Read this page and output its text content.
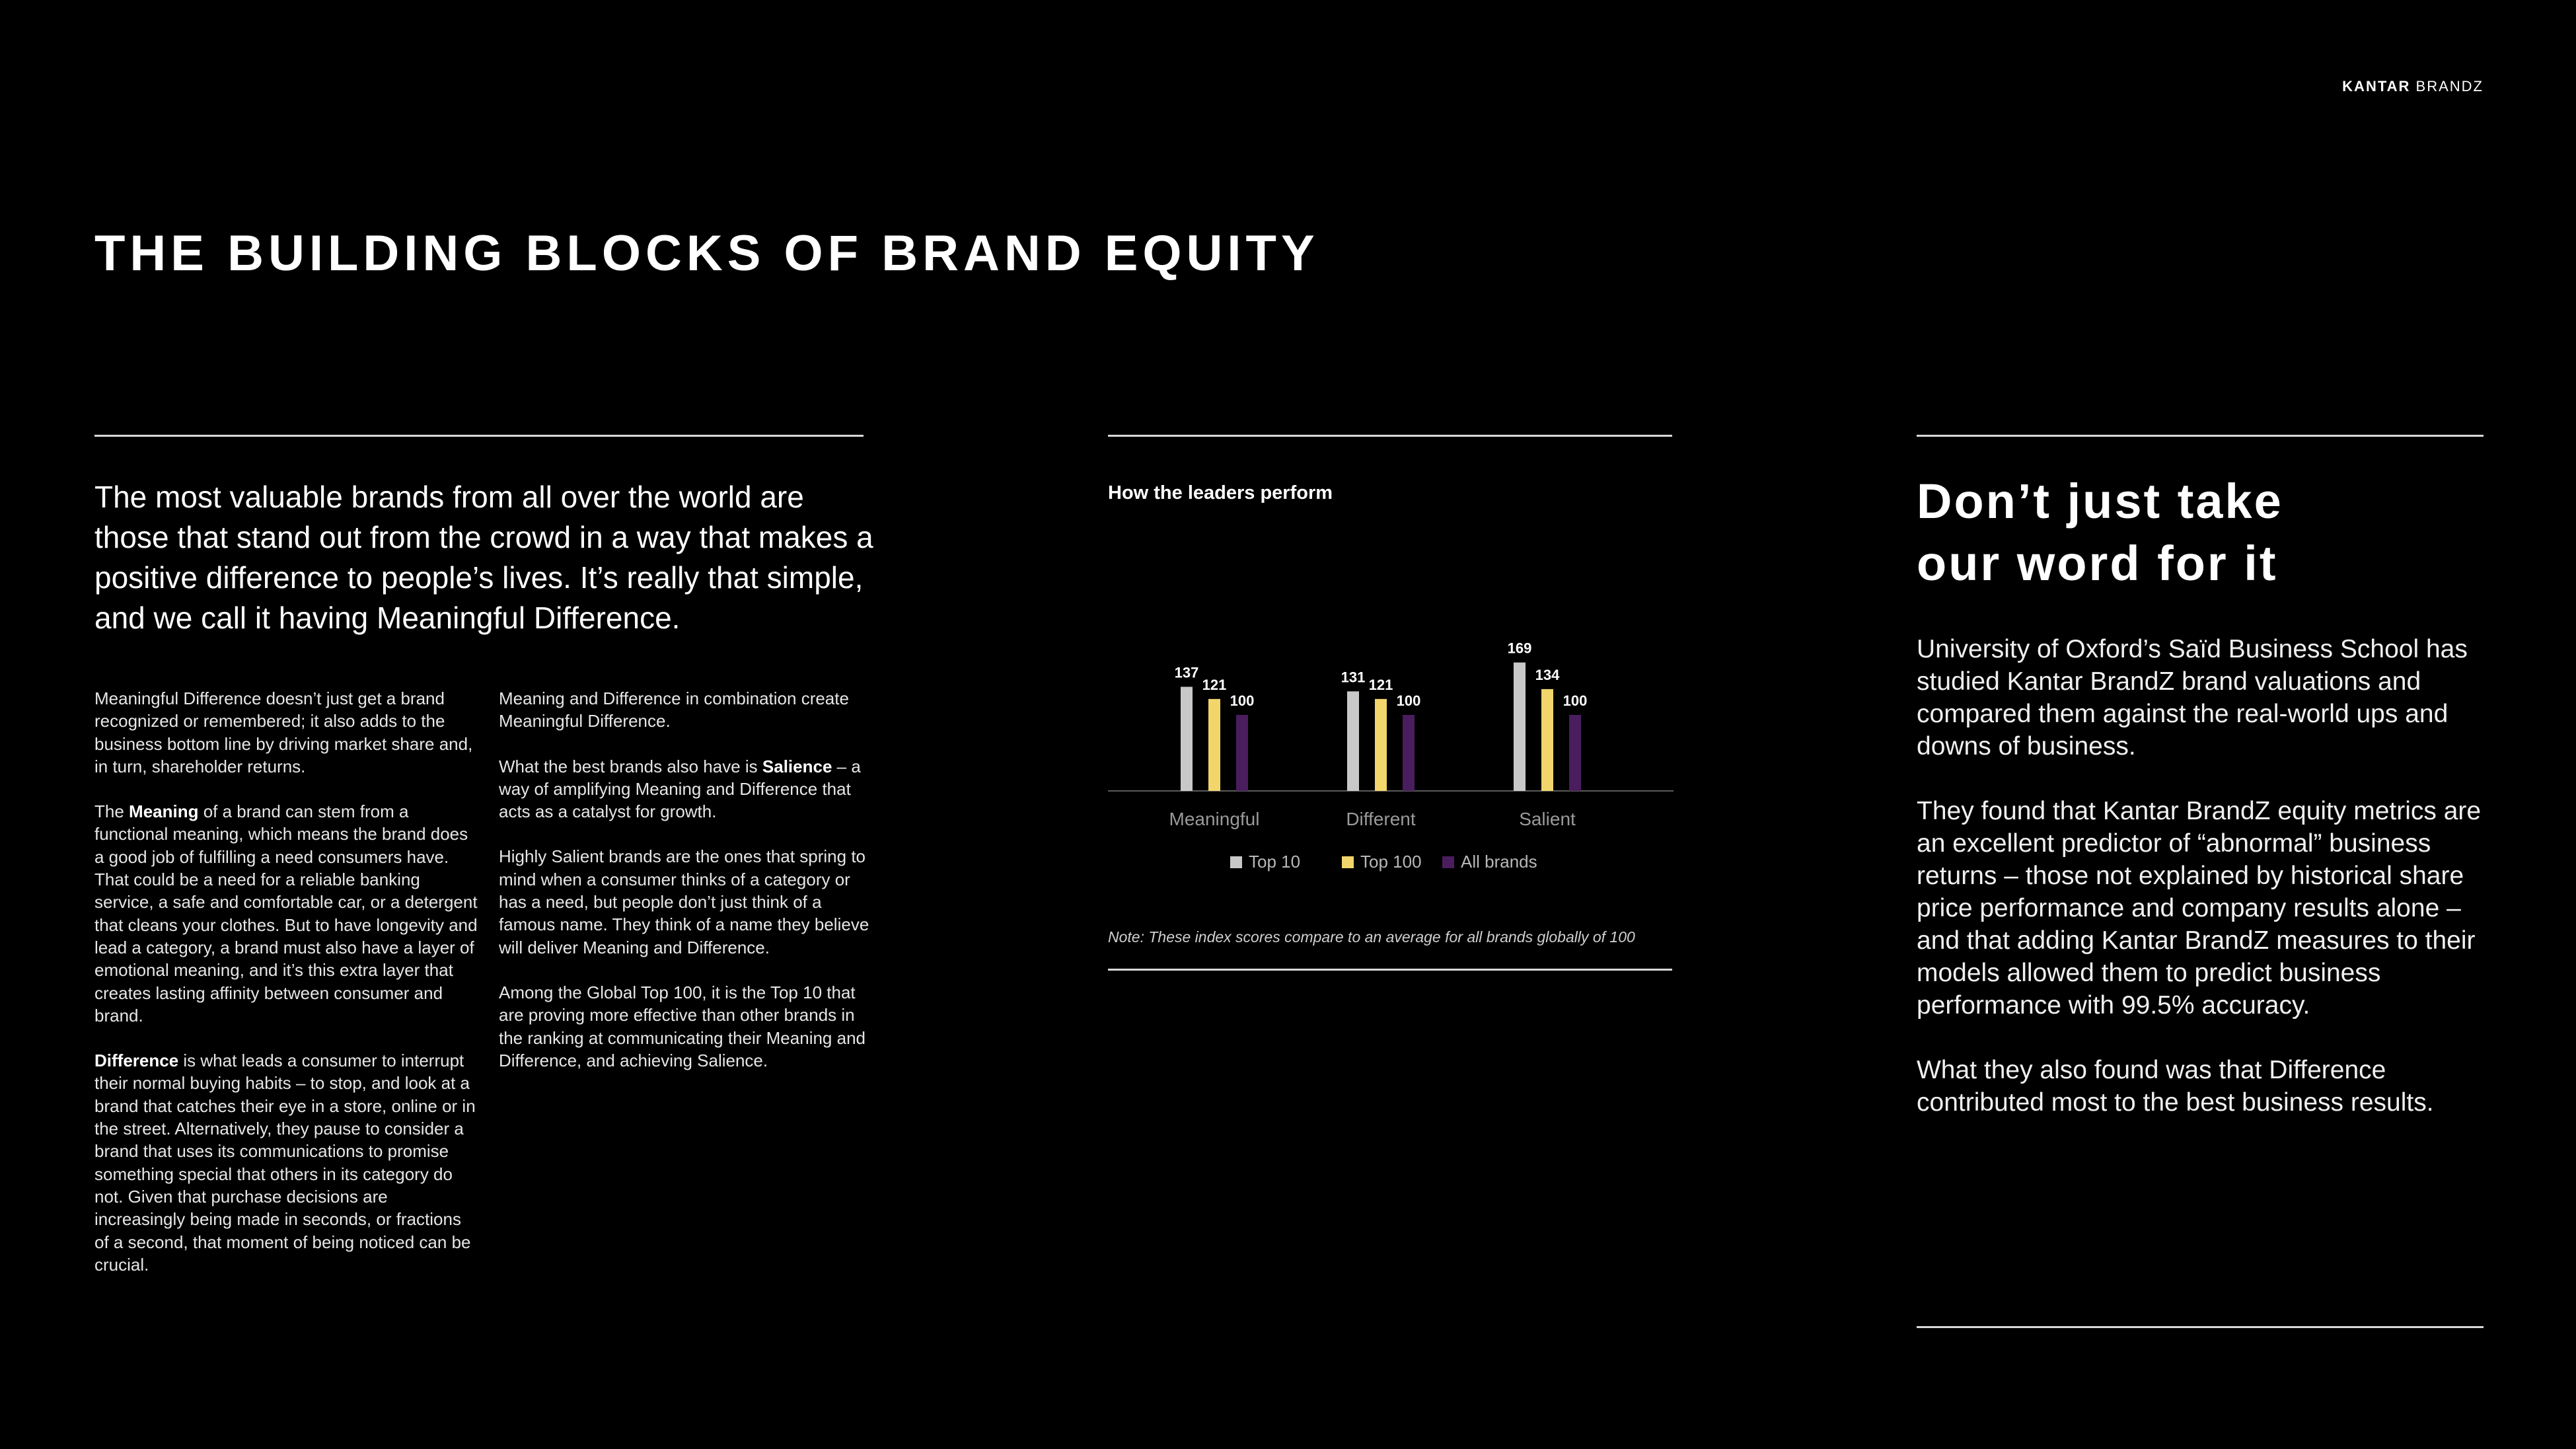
KANTAR BRANDZ
THE BUILDING BLOCKS OF BRAND EQUITY
The most valuable brands from all over the world are those that stand out from the crowd in a way that makes a positive difference to people’s lives. It’s really that simple, and we call it having Meaningful Difference.

Meaningful Difference doesn’t just get a brand recognized or remembered; it also adds to the business bottom line by driving market share and, in turn, shareholder returns.

The Meaning of a brand can stem from a functional meaning, which means the brand does a good job of fulfilling a need consumers have. That could be a need for a reliable banking service, a safe and comfortable car, or a detergent that cleans your clothes. But to have longevity and lead a category, a brand must also have a layer of emotional meaning, and it’s this extra layer that creates lasting affinity between consumer and brand.

Difference is what leads a consumer to interrupt their normal buying habits – to stop, and look at a brand that catches their eye in a store, online or in the street. Alternatively, they pause to consider a brand that uses its communications to promise something special that others in its category do not. Given that purchase decisions are increasingly being made in seconds, or fractions of a second, that moment of being noticed can be crucial.

Meaning and Difference in combination create Meaningful Difference.

What the best brands also have is Salience – a way of amplifying Meaning and Difference that acts as a catalyst for growth.

Highly Salient brands are the ones that spring to mind when a consumer thinks of a category or has a need, but people don’t just think of a famous name. They think of a name they believe will deliver Meaning and Difference.

Among the Global Top 100, it is the Top 10 that are proving more effective than other brands in the ranking at communicating their Meaning and Difference, and achieving Salience.

How the leaders perform
137
121
100
Meaningful
131 121
100
Different
169
134
100
Salient
Top 10	Top 100 All brands
Note: These index scores compare to an average for all brands globally of 100
Don’t just take
our word for it

University of Oxford’s Saïd Business School has studied Kantar BrandZ brand valuations and compared them against the real-world ups and downs of business.

They found that Kantar BrandZ equity metrics are an excellent predictor of “abnormal” business returns – those not explained by historical share price performance and company results alone – and that adding Kantar BrandZ measures to their models allowed them to predict business performance with 99.5% accuracy.

What they also found was that Difference contributed most to the best business results.
